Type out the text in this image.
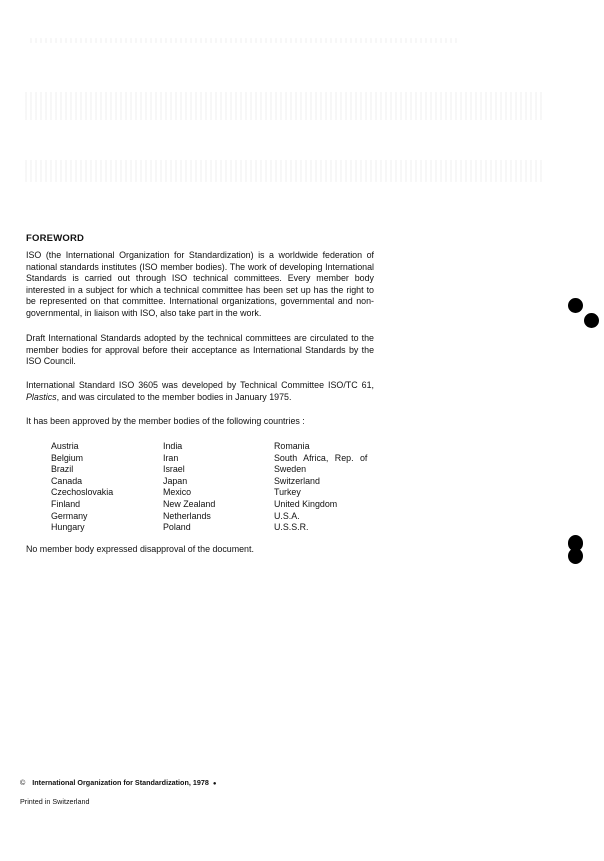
FOREWORD

ISO (the International Organization for Standardization) is a worldwide federation of national standards institutes (ISO member bodies). The work of developing International Standards is carried out through ISO technical committees. Every member body interested in a subject for which a technical committee has been set up has the right to be represented on that committee. International organizations, governmental and non-governmental, in liaison with ISO, also take part in the work.

Draft International Standards adopted by the technical committees are circulated to the member bodies for approval before their acceptance as International Standards by the ISO Council.

International Standard ISO 3605 was developed by Technical Committee ISO/TC 61, Plastics, and was circulated to the member bodies in January 1975.

It has been approved by the member bodies of the following countries :

Austria
Belgium
Brazil
Canada
Czechoslovakia
Finland
Germany
Hungary
India
Iran
Israel
Japan
Mexico
New Zealand
Netherlands
Poland
Romania
South Africa, Rep. of
Sweden
Switzerland
Turkey
United Kingdom
U.S.A.
U.S.S.R.

No member body expressed disapproval of the document.

© International Organization for Standardization, 1978 ●
Printed in Switzerland
